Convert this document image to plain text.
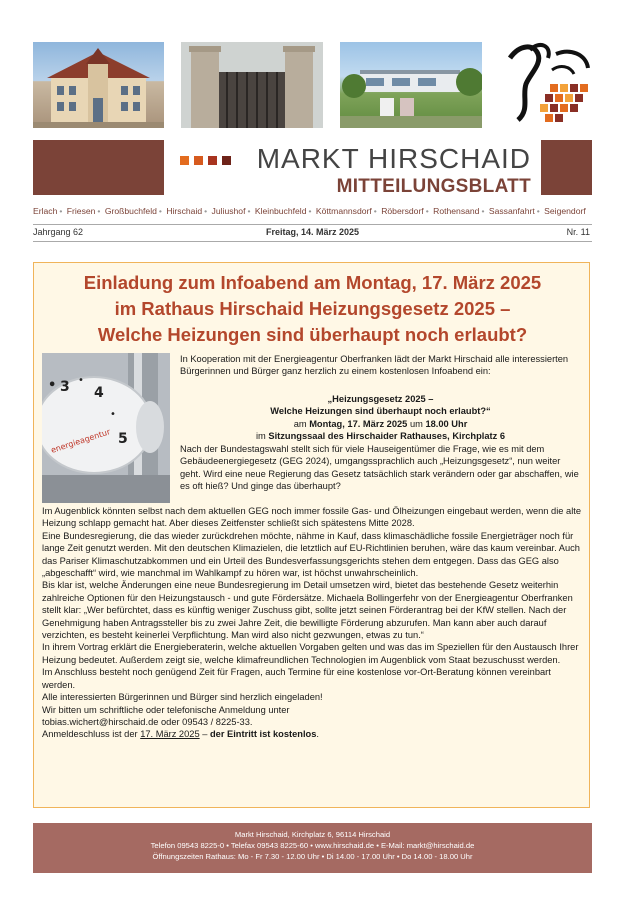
MARKT HIRSCHAID
MITTEILUNGSBLATT
Erlach • Friesen • Großbuchfeld • Hirschaid • Juliushof • Kleinbuchfeld • Köttmannsdorf • Röbersdorf • Rothensand • Sassanfahrt • Seigendorf
Jahrgang 62	Freitag, 14. März 2025	Nr. 11
Einladung zum Infoabend am Montag, 17. März 2025
im Rathaus Hirschaid Heizungsgesetz 2025 –
Welche Heizungen sind überhaupt noch erlaubt?
• 3 •
4
•
5
energieagentur

In Kooperation mit der Energieagentur Oberfranken lädt der Markt Hirschaid alle interessierten Bürgerinnen und Bürger ganz herzlich zu einem kostenlosen Infoabend ein:

„Heizungsgesetz 2025 –
Welche Heizungen sind überhaupt noch erlaubt?“
am Montag, 17. März 2025 um 18.00 Uhr
im Sitzungssaal des Hirschaider Rathauses, Kirchplatz 6

Nach der Bundestagswahl stellt sich für viele Hauseigentümer die Frage, wie es mit dem Gebäudeenergiegesetz (GEG 2024), umgangssprachlich auch „Heizungsgesetz“, nun weiter geht. Wird eine neue Regierung das Gesetz tatsächlich stark verändern oder gar abschaffen, wie es oft hieß? Und ginge das überhaupt?

Im Augenblick könnten selbst nach dem aktuellen GEG noch immer fossile Gas- und Ölheizungen eingebaut werden, wenn die alte Heizung schlapp gemacht hat. Aber dieses Zeitfenster schließt sich spätestens Mitte 2028.

Eine Bundesregierung, die das wieder zurückdrehen möchte, nähme in Kauf, dass klimaschädliche fossile Energieträger noch für lange Zeit genutzt werden. Mit den deutschen Klimazielen, die letztlich auf EU-Richtlinien beruhen, wäre das kaum vereinbar. Auch das Pariser Klimaschutzabkommen und ein Urteil des Bundesverfassungsgerichts stehen dem entgegen. Dass das GEG also „abgeschafft“ wird, wie manchmal im Wahlkampf zu hören war, ist höchst unwahrscheinlich.

Bis klar ist, welche Änderungen eine neue Bundesregierung im Detail umsetzen wird, bietet das bestehende Gesetz weiterhin zahlreiche Optionen für den Heizungstausch - und gute Fördersätze. Michaela Bollingerfehr von der Energieagentur Oberfranken stellt klar: „Wer befürchtet, dass es künftig weniger Zuschuss gibt, sollte jetzt seinen Förderantrag bei der KfW stellen. Nach der Genehmigung haben Antragssteller bis zu zwei Jahre Zeit, die bewilligte Förderung abzurufen. Man kann aber auch darauf verzichten, es besteht keinerlei Verpflichtung. Man wird also nicht gezwungen, etwas zu tun.“

In ihrem Vortrag erklärt die Energieberaterin, welche aktuellen Vorgaben gelten und was das im Speziellen für den Austausch Ihrer Heizung bedeutet. Außerdem zeigt sie, welche klimafreundlichen Technologien im Augenblick vom Staat bezuschusst werden.

Im Anschluss besteht noch genügend Zeit für Fragen, auch Termine für eine kostenlose vor-Ort-Beratung können vereinbart werden.

Alle interessierten Bürgerinnen und Bürger sind herzlich eingeladen!

Wir bitten um schriftliche oder telefonische Anmeldung unter

tobias.wichert@hirschaid.de oder 09543 / 8225-33.

Anmeldeschluss ist der 17. März 2025 – der Eintritt ist kostenlos.

Markt Hirschaid, Kirchplatz 6, 96114 Hirschaid
Telefon 09543 8225-0 • Telefax 09543 8225-60 • www.hirschaid.de • E-Mail: markt@hirschaid.de
Öffnungszeiten Rathaus: Mo - Fr 7.30 - 12.00 Uhr • Di 14.00 - 17.00 Uhr • Do 14.00 - 18.00 Uhr
